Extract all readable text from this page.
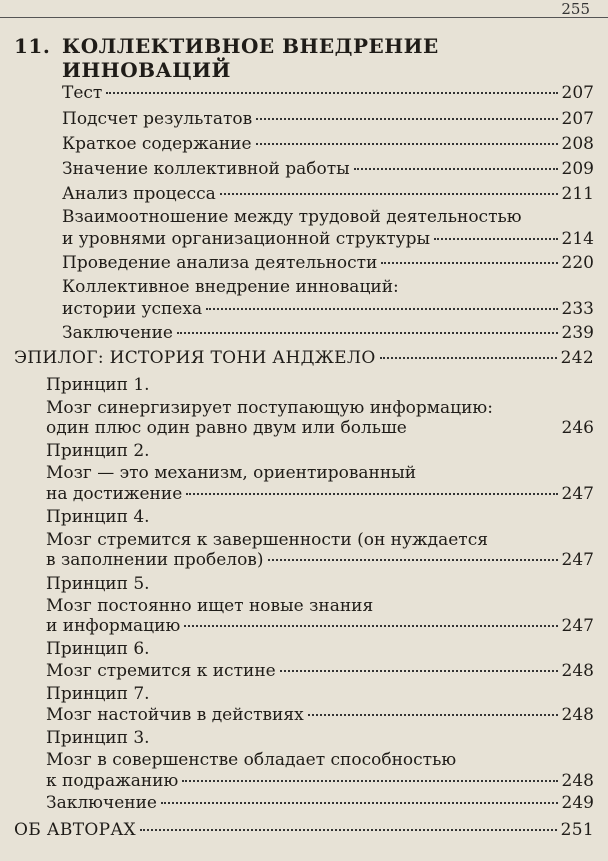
255
11. КОЛЛЕКТИВНОЕ ВНЕДРЕНИЕ
ИННОВАЦИЙ
Тест	207
Подсчет результатов	207
Краткое содержание	208
Значение коллективной работы	209
Анализ процесса	211
Взаимоотношение между трудовой деятельностью
и уровнями организационной структуры	214
Проведение анализа деятельности	220
Коллективное внедрение инноваций:
истории успеха	233
Заключение	239
ЭПИЛОГ: ИСТОРИЯ ТОНИ АНДЖЕЛО	242
Принцип 1.
Мозг синергизирует поступающую информацию:
один плюс один равно двум или больше	246
Принцип 2.
Мозг — это механизм, ориентированный
на достижение	247
Принцип 4.
Мозг стремится к завершенности (он нуждается
в заполнении пробелов)	247
Принцип 5.
Мозг постоянно ищет новые знания
и информацию	247
Принцип 6.
Мозг стремится к истине	248
Принцип 7.
Мозг настойчив в действиях	248
Принцип 3.
Мозг в совершенстве обладает способностью
к подражанию	248
Заключение	249
ОБ АВТОРАХ	251
